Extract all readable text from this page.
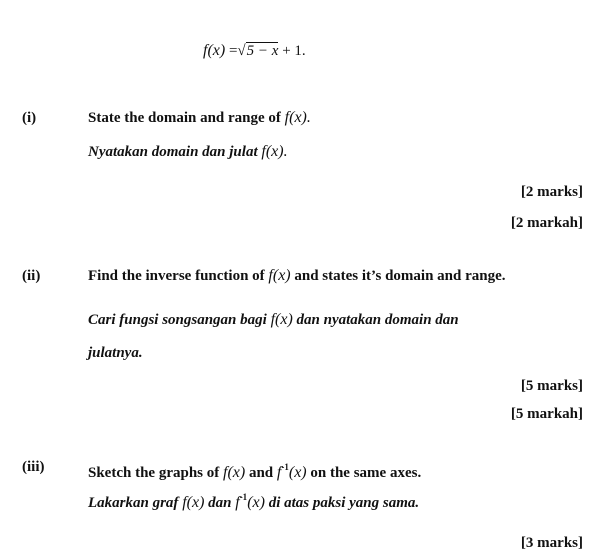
f(x) =√5 − x + 1.
(i)	State the domain and range of f(x).
Nyatakan domain dan julat f(x).
[2 marks]
[2 markah]
(ii)	Find the inverse function of f(x) and states it’s domain and range.
Cari fungsi songsangan bagi f(x) dan nyatakan domain dan
julatnya.
[5 marks]
[5 markah]
(iii)	Sketch the graphs of f(x) and $f^{-1}(x)$ on the same axes.
Lakarkan graf f(x) dan $f^{-1}(x)$ di atas paksi yang sama.
[3 marks]
